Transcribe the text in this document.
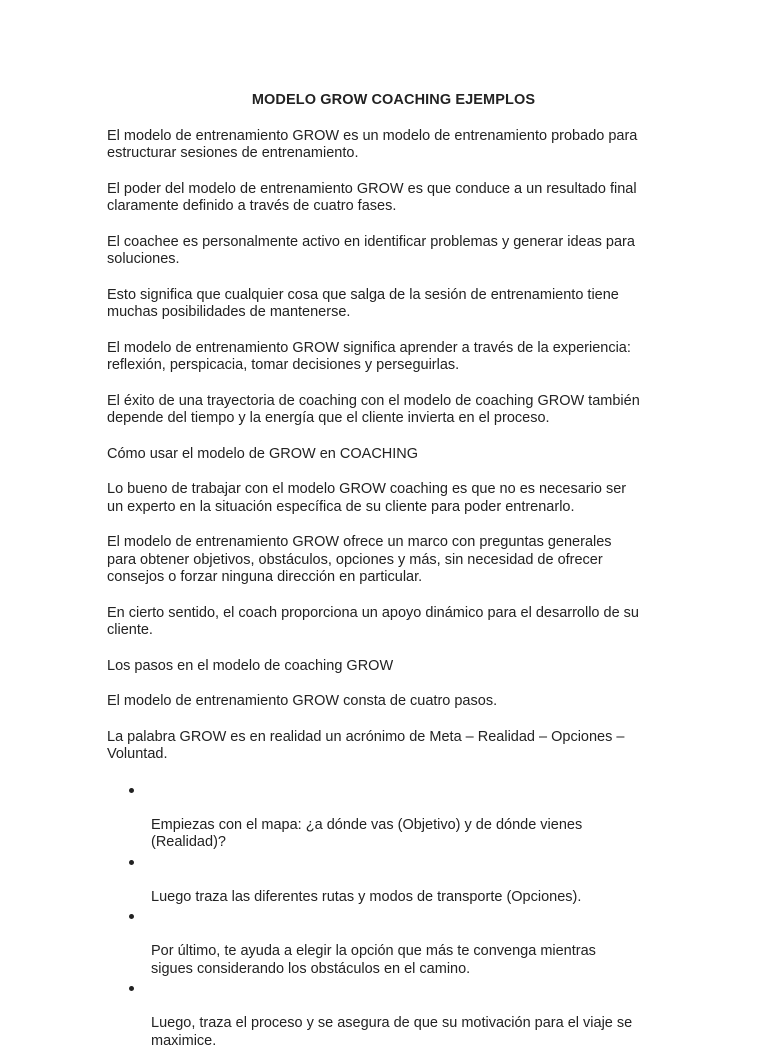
MODELO GROW COACHING EJEMPLOS

El modelo de entrenamiento GROW es un modelo de entrenamiento probado para
estructurar sesiones de entrenamiento.

El poder del modelo de entrenamiento GROW es que conduce a un resultado final
claramente definido a través de cuatro fases.

El coachee es personalmente activo en identificar problemas y generar ideas para
soluciones.

Esto significa que cualquier cosa que salga de la sesión de entrenamiento tiene
muchas posibilidades de mantenerse.

El modelo de entrenamiento GROW significa aprender a través de la experiencia:
reflexión, perspicacia, tomar decisiones y perseguirlas.

El éxito de una trayectoria de coaching con el modelo de coaching GROW también
depende del tiempo y la energía que el cliente invierta en el proceso.

Cómo usar el modelo de GROW en COACHING

Lo bueno de trabajar con el modelo GROW coaching es que no es necesario ser
un experto en la situación específica de su cliente para poder entrenarlo.

El modelo de entrenamiento GROW ofrece un marco con preguntas generales
para obtener objetivos, obstáculos, opciones y más, sin necesidad de ofrecer
consejos o forzar ninguna dirección en particular.

En cierto sentido, el coach proporciona un apoyo dinámico para el desarrollo de su
cliente.

Los pasos en el modelo de coaching GROW

El modelo de entrenamiento GROW consta de cuatro pasos.

La palabra GROW es en realidad un acrónimo de Meta – Realidad – Opciones –
Voluntad.

Empiezas con el mapa: ¿a dónde vas (Objetivo) y de dónde vienes
(Realidad)?

Luego traza las diferentes rutas y modos de transporte (Opciones).

Por último, te ayuda a elegir la opción que más te convenga mientras
sigues considerando los obstáculos en el camino.

Luego, traza el proceso y se asegura de que su motivación para el viaje se
maximice.
